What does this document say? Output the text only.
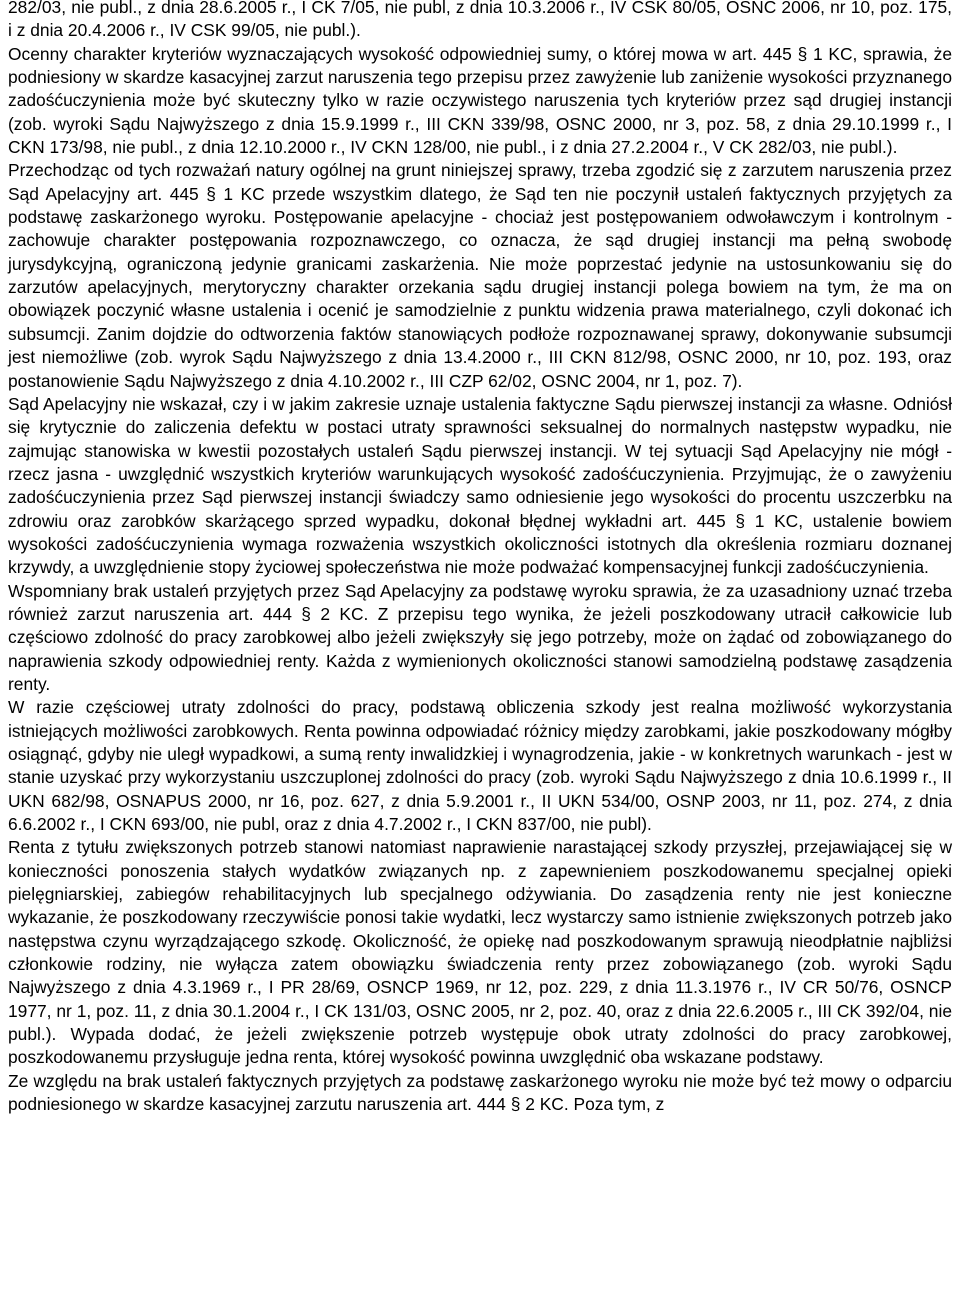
282/03, nie publ., z dnia 28.6.2005 r., I CK 7/05, nie publ, z dnia 10.3.2006 r., IV CSK 80/05, OSNC 2006, nr 10, poz. 175, i z dnia 20.4.2006 r., IV CSK 99/05, nie publ.).

Ocenny charakter kryteriów wyznaczających wysokość odpowiedniej sumy, o której mowa w art. 445 § 1 KC, sprawia, że podniesiony w skardze kasacyjnej zarzut naruszenia tego przepisu przez zawyżenie lub zaniżenie wysokości przyznanego zadośćuczynienia może być skuteczny tylko w razie oczywistego naruszenia tych kryteriów przez sąd drugiej instancji (zob. wyroki Sądu Najwyższego z dnia 15.9.1999 r., III CKN 339/98, OSNC 2000, nr 3, poz. 58, z dnia 29.10.1999 r., I CKN 173/98, nie publ., z dnia 12.10.2000 r., IV CKN 128/00, nie publ., i z dnia 27.2.2004 r., V CK 282/03, nie publ.).

Przechodząc od tych rozważań natury ogólnej na grunt niniejszej sprawy, trzeba zgodzić się z zarzutem naruszenia przez Sąd Apelacyjny art. 445 § 1 KC przede wszystkim dlatego, że Sąd ten nie poczynił ustaleń faktycznych przyjętych za podstawę zaskarżonego wyroku. Postępowanie apelacyjne - chociaż jest postępowaniem odwoławczym i kontrolnym - zachowuje charakter postępowania rozpoznawczego, co oznacza, że sąd drugiej instancji ma pełną swobodę jurysdykcyjną, ograniczoną jedynie granicami zaskarżenia. Nie może poprzestać jedynie na ustosunkowaniu się do zarzutów apelacyjnych, merytoryczny charakter orzekania sądu drugiej instancji polega bowiem na tym, że ma on obowiązek poczynić własne ustalenia i ocenić je samodzielnie z punktu widzenia prawa materialnego, czyli dokonać ich subsumcji. Zanim dojdzie do odtworzenia faktów stanowiących podłoże rozpoznawanej sprawy, dokonywanie subsumcji jest niemożliwe (zob. wyrok Sądu Najwyższego z dnia 13.4.2000 r., III CKN 812/98, OSNC 2000, nr 10, poz. 193, oraz postanowienie Sądu Najwyższego z dnia 4.10.2002 r., III CZP 62/02, OSNC 2004, nr 1, poz. 7).

Sąd Apelacyjny nie wskazał, czy i w jakim zakresie uznaje ustalenia faktyczne Sądu pierwszej instancji za własne. Odniósł się krytycznie do zaliczenia defektu w postaci utraty sprawności seksualnej do normalnych następstw wypadku, nie zajmując stanowiska w kwestii pozostałych ustaleń Sądu pierwszej instancji. W tej sytuacji Sąd Apelacyjny nie mógł - rzecz jasna - uwzględnić wszystkich kryteriów warunkujących wysokość zadośćuczynienia. Przyjmując, że o zawyżeniu zadośćuczynienia przez Sąd pierwszej instancji świadczy samo odniesienie jego wysokości do procentu uszczerbku na zdrowiu oraz zarobków skarżącego sprzed wypadku, dokonał błędnej wykładni art. 445 § 1 KC, ustalenie bowiem wysokości zadośćuczynienia wymaga rozważenia wszystkich okoliczności istotnych dla określenia rozmiaru doznanej krzywdy, a uwzględnienie stopy życiowej społeczeństwa nie może podważać kompensacyjnej funkcji zadośćuczynienia.

Wspomniany brak ustaleń przyjętych przez Sąd Apelacyjny za podstawę wyroku sprawia, że za uzasadniony uznać trzeba również zarzut naruszenia art. 444 § 2 KC. Z przepisu tego wynika, że jeżeli poszkodowany utracił całkowicie lub częściowo zdolność do pracy zarobkowej albo jeżeli zwiększyły się jego potrzeby, może on żądać od zobowiązanego do naprawienia szkody odpowiedniej renty. Każda z wymienionych okoliczności stanowi samodzielną podstawę zasądzenia renty.

W razie częściowej utraty zdolności do pracy, podstawą obliczenia szkody jest realna możliwość wykorzystania istniejących możliwości zarobkowych. Renta powinna odpowiadać różnicy między zarobkami, jakie poszkodowany mógłby osiągnąć, gdyby nie uległ wypadkowi, a sumą renty inwalidzkiej i wynagrodzenia, jakie - w konkretnych warunkach - jest w stanie uzyskać przy wykorzystaniu uszczuplonej zdolności do pracy (zob. wyroki Sądu Najwyższego z dnia 10.6.1999 r., II UKN 682/98, OSNAPUS 2000, nr 16, poz. 627, z dnia 5.9.2001 r., II UKN 534/00, OSNP 2003, nr 11, poz. 274, z dnia 6.6.2002 r., I CKN 693/00, nie publ, oraz z dnia 4.7.2002 r., I CKN 837/00, nie publ).

Renta z tytułu zwiększonych potrzeb stanowi natomiast naprawienie narastającej szkody przyszłej, przejawiającej się w konieczności ponoszenia stałych wydatków związanych np. z zapewnieniem poszkodowanemu specjalnej opieki pielęgniarskiej, zabiegów rehabilitacyjnych lub specjalnego odżywiania. Do zasądzenia renty nie jest konieczne wykazanie, że poszkodowany rzeczywiście ponosi takie wydatki, lecz wystarczy samo istnienie zwiększonych potrzeb jako następstwa czynu wyrządzającego szkodę. Okoliczność, że opiekę nad poszkodowanym sprawują nieodpłatnie najbliżsi członkowie rodziny, nie wyłącza zatem obowiązku świadczenia renty przez zobowiązanego (zob. wyroki Sądu Najwyższego z dnia 4.3.1969 r., I PR 28/69, OSNCP 1969, nr 12, poz. 229, z dnia 11.3.1976 r., IV CR 50/76, OSNCP 1977, nr 1, poz. 11, z dnia 30.1.2004 r., I CK 131/03, OSNC 2005, nr 2, poz. 40, oraz z dnia 22.6.2005 r., III CK 392/04, nie publ.). Wypada dodać, że jeżeli zwiększenie potrzeb występuje obok utraty zdolności do pracy zarobkowej, poszkodowanemu przysługuje jedna renta, której wysokość powinna uwzględnić oba wskazane podstawy.

Ze względu na brak ustaleń faktycznych przyjętych za podstawę zaskarżonego wyroku nie może być też mowy o odparciu podniesionego w skardze kasacyjnej zarzutu naruszenia art. 444 § 2 KC. Poza tym, z
